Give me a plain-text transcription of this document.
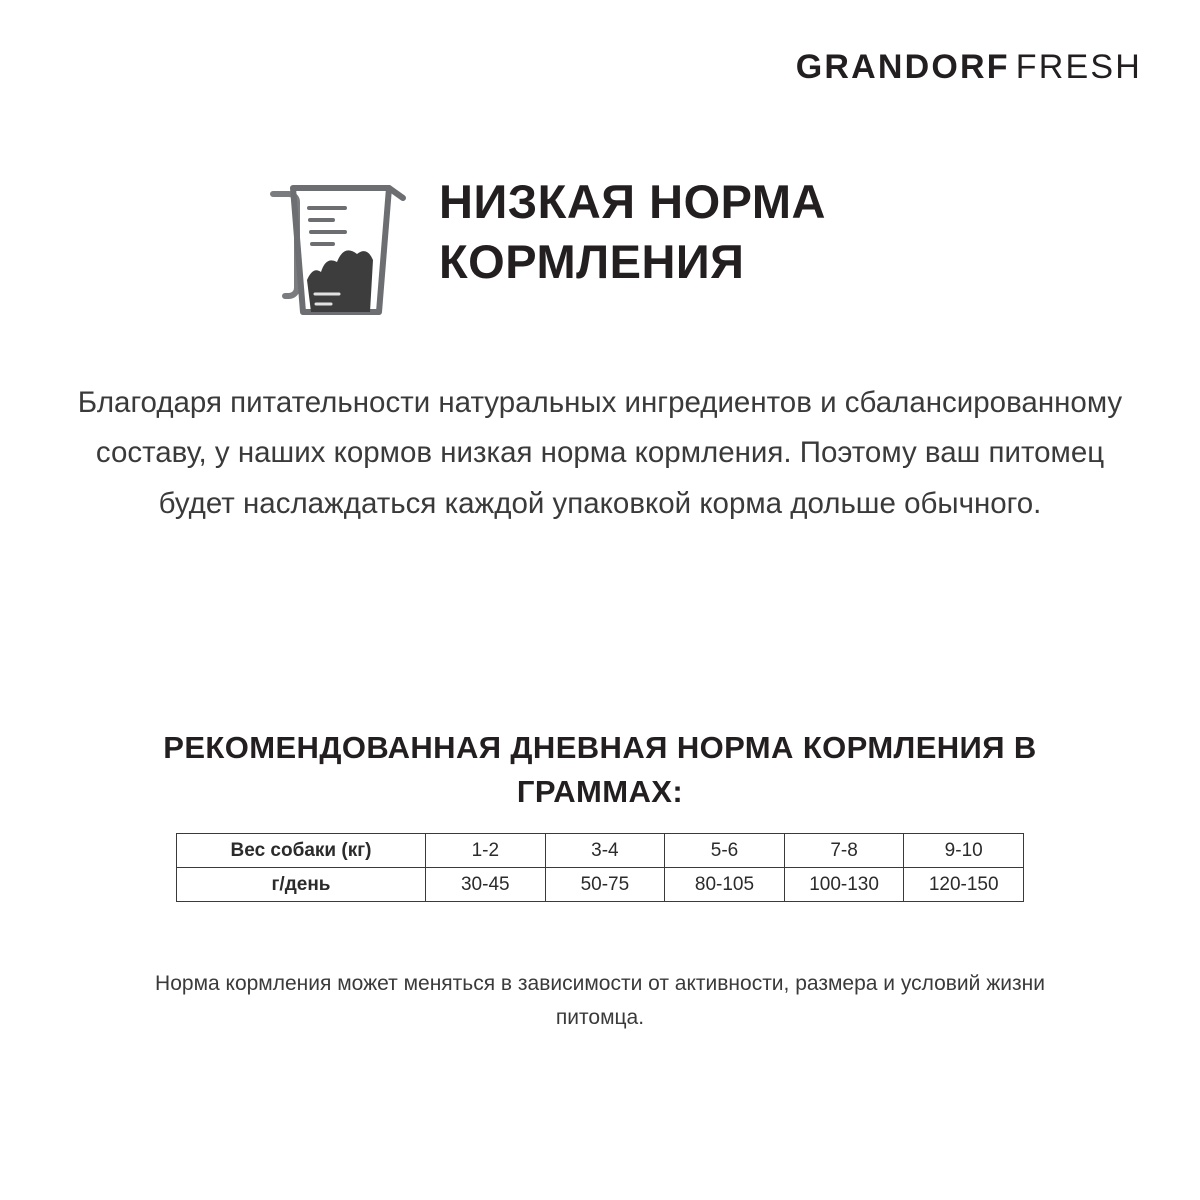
GRANDORF FRESH
НИЗКАЯ НОРМА КОРМЛЕНИЯ

Благодаря питательности натуральных ингредиентов и сбалансированному составу, у наших кормов низкая норма кормления. Поэтому ваш питомец будет наслаждаться каждой упаковкой корма дольше обычного.

РЕКОМЕНДОВАННАЯ ДНЕВНАЯ НОРМА КОРМЛЕНИЯ В ГРАММАХ:
Вес собаки (кг)	1-2	3-4	5-6	7-8	9-10
г/день	30-45	50-75	80-105	100-130	120-150

Норма кормления может меняться в зависимости от активности, размера и условий жизни питомца.
